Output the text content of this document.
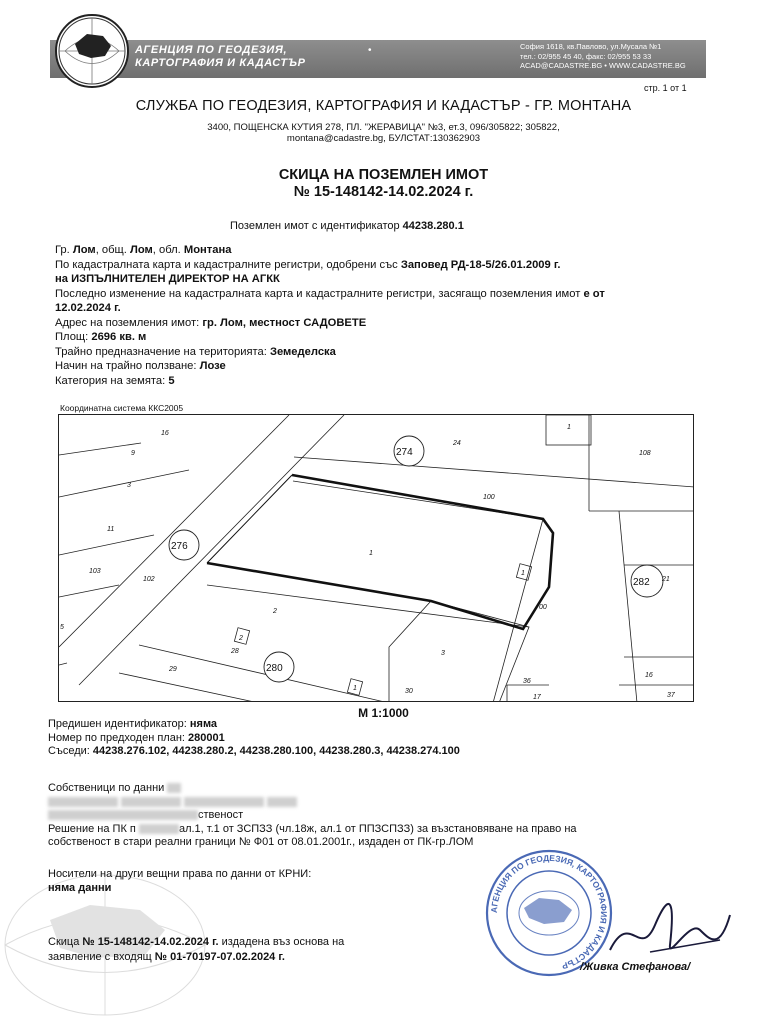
АГЕНЦИЯ ПО ГЕОДЕЗИЯ,
КАРТОГРАФИЯ И КАДАСТЪР
•	София 1618, кв.Павлово, ул.Мусала №1
тел.: 02/955 45 40, факс: 02/955 53 33
ACAD@CADASTRE.BG • WWW.CADASTRE.BG
стр. 1 от 1
СЛУЖБА ПО ГЕОДЕЗИЯ, КАРТОГРАФИЯ И КАДАСТЪР - ГР. МОНТАНА
3400, ПОЩЕНСКА КУТИЯ 278, ПЛ. "ЖЕРАВИЦА" №3, ет.3, 096/305822; 305822,
montana@cadastre.bg, БУЛСТАТ:130362903
СКИЦА НА ПОЗЕМЛЕН ИМОТ
№ 15-148142-14.02.2024 г.
Поземлен имот с идентификатор 44238.280.1

Гр. Лом, общ. Лом, обл. Монтана

По кадастралната карта и кадастралните регистри, одобрени със Заповед РД-18-5/26.01.2009 г.

на ИЗПЪЛНИТЕЛЕН ДИРЕКТОР НА АГКК

Последно изменение на кадастралната карта и кадастралните регистри, засягащо поземления имот е от

12.02.2024 г.

Адрес на поземления имот: гр. Лом, местност САДОВЕТЕ

Площ: 2696 кв. м

Трайно предназначение на територията: Земеделска

Начин на трайно ползване: Лозе

Категория на земята: 5

Координатна система ККС2005
276
274
280
282
16
9
3
11
103
102
5
2
2
28
29
1	30
24
1
108
100
1
1
00
3
21
16
36
17	37
М 1:1000

Предишен идентификатор: няма

Номер по предходен план: 280001

Съседи: 44238.276.102, 44238.280.2, 44238.280.100, 44238.280.3, 44238.274.100

Собственици по данни

ственост

Решение на ПК п	ал.1, т.1 от ЗСПЗЗ (чл.18ж, ал.1 от ППЗСПЗЗ) за възстановяване на право на

собственост в стари реални граници № Ф01 от 08.01.2001г., издаден от ПК-гр.ЛОМ

Носители на други вещни права по данни от КРНИ:

няма данни

Скица № 15-148142-14.02.2024 г. издадена въз основа на

заявление с входящ № 01-70197-07.02.2024 г.

АГЕНЦИЯ ПО ГЕОДЕЗИЯ, КАРТОГРАФИЯ И КАДАСТЪР /Живка Стефанова/
